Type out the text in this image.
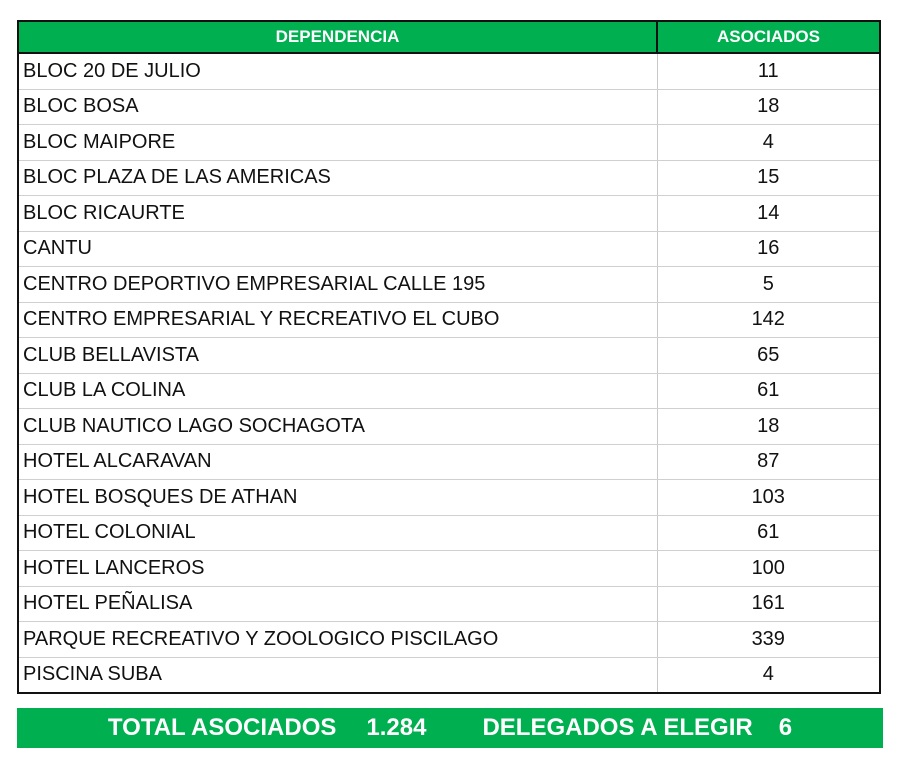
DEPENDENCIA	ASOCIADOS
BLOC 20 DE JULIO	11
BLOC BOSA	18
BLOC MAIPORE	4
BLOC PLAZA DE LAS AMERICAS	15
BLOC RICAURTE	14
CANTU	16
CENTRO DEPORTIVO EMPRESARIAL CALLE 195	5
CENTRO EMPRESARIAL Y RECREATIVO EL CUBO	142
CLUB BELLAVISTA	65
CLUB LA COLINA	61
CLUB NAUTICO LAGO SOCHAGOTA	18
HOTEL ALCARAVAN	87
HOTEL BOSQUES DE ATHAN	103
HOTEL COLONIAL	61
HOTEL LANCEROS	100
HOTEL PEÑALISA	161
PARQUE RECREATIVO Y ZOOLOGICO PISCILAGO	339
PISCINA SUBA	4
TOTAL ASOCIADOS 1.284 DELEGADOS A ELEGIR 6
